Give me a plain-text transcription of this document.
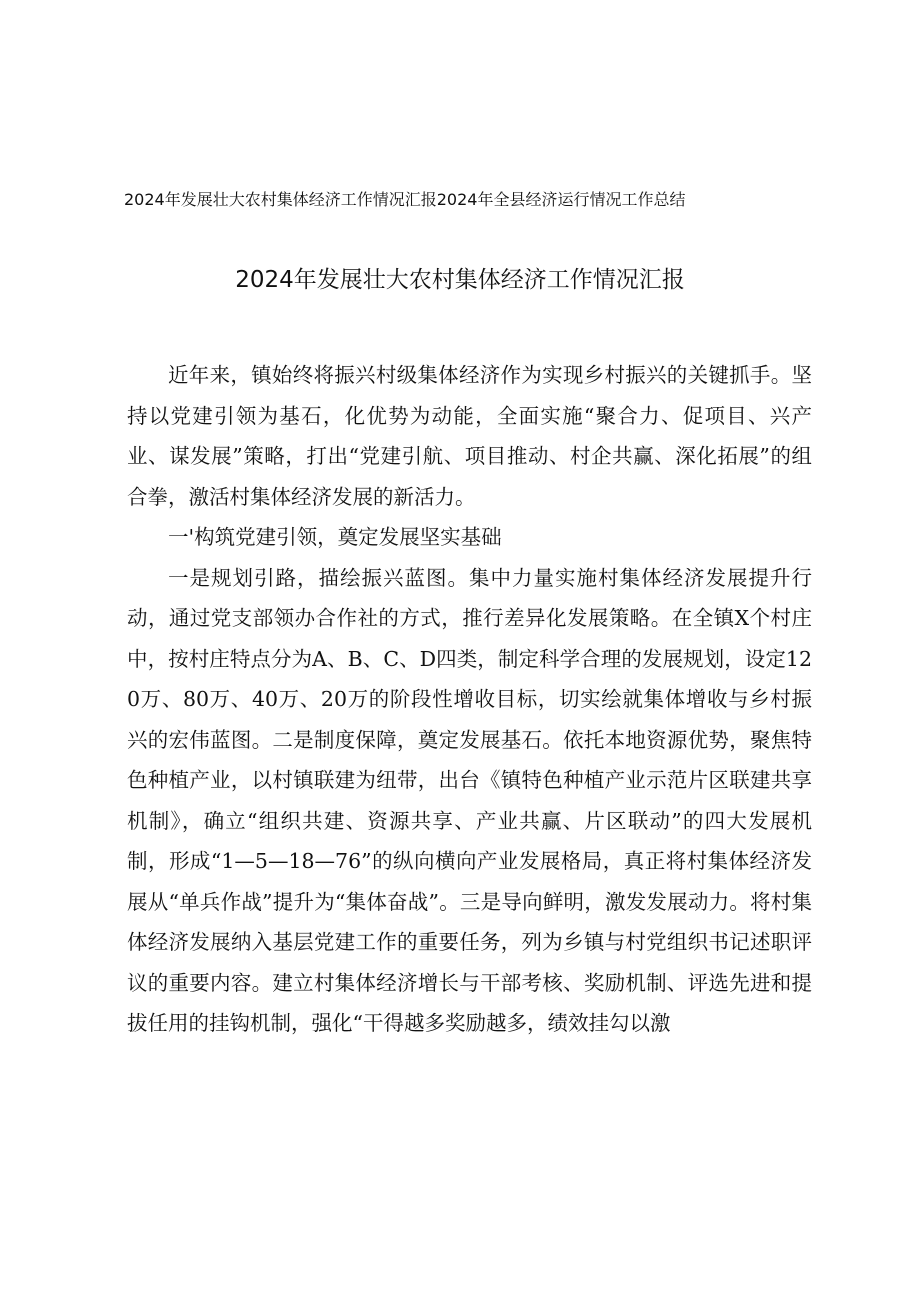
2024年发展壮大农村集体经济工作情况汇报2024年全县经济运行情况工作总结
2024年发展壮大农村集体经济工作情况汇报

近年来，镇始终将振兴村级集体经济作为实现乡村振兴的关键抓手。坚持以党建引领为基石，化优势为动能，全面实施“聚合力、促项目、兴产业、谋发展”策略，打出“党建引航、项目推动、村企共赢、深化拓展”的组合拳，激活村集体经济发展的新活力。

一'构筑党建引领，奠定发展坚实基础

一是规划引路，描绘振兴蓝图。集中力量实施村集体经济发展提升行动，通过党支部领办合作社的方式，推行差异化发展策略。在全镇X个村庄中，按村庄特点分为A、B、C、D四类，制定科学合理的发展规划，设定120万、80万、40万、20万的阶段性增收目标，切实绘就集体增收与乡村振兴的宏伟蓝图。二是制度保障，奠定发展基石。依托本地资源优势，聚焦特色种植产业，以村镇联建为纽带，出台《镇特色种植产业示范片区联建共享机制》，确立“组织共建、资源共享、产业共赢、片区联动”的四大发展机制，形成“1—5—18—76”的纵向横向产业发展格局，真正将村集体经济发展从“单兵作战”提升为“集体奋战”。三是导向鲜明，激发发展动力。将村集体经济发展纳入基层党建工作的重要任务，列为乡镇与村党组织书记述职评议的重要内容。建立村集体经济增长与干部考核、奖励机制、评选先进和提拔任用的挂钩机制，强化“干得越多奖励越多，绩效挂勾以激
